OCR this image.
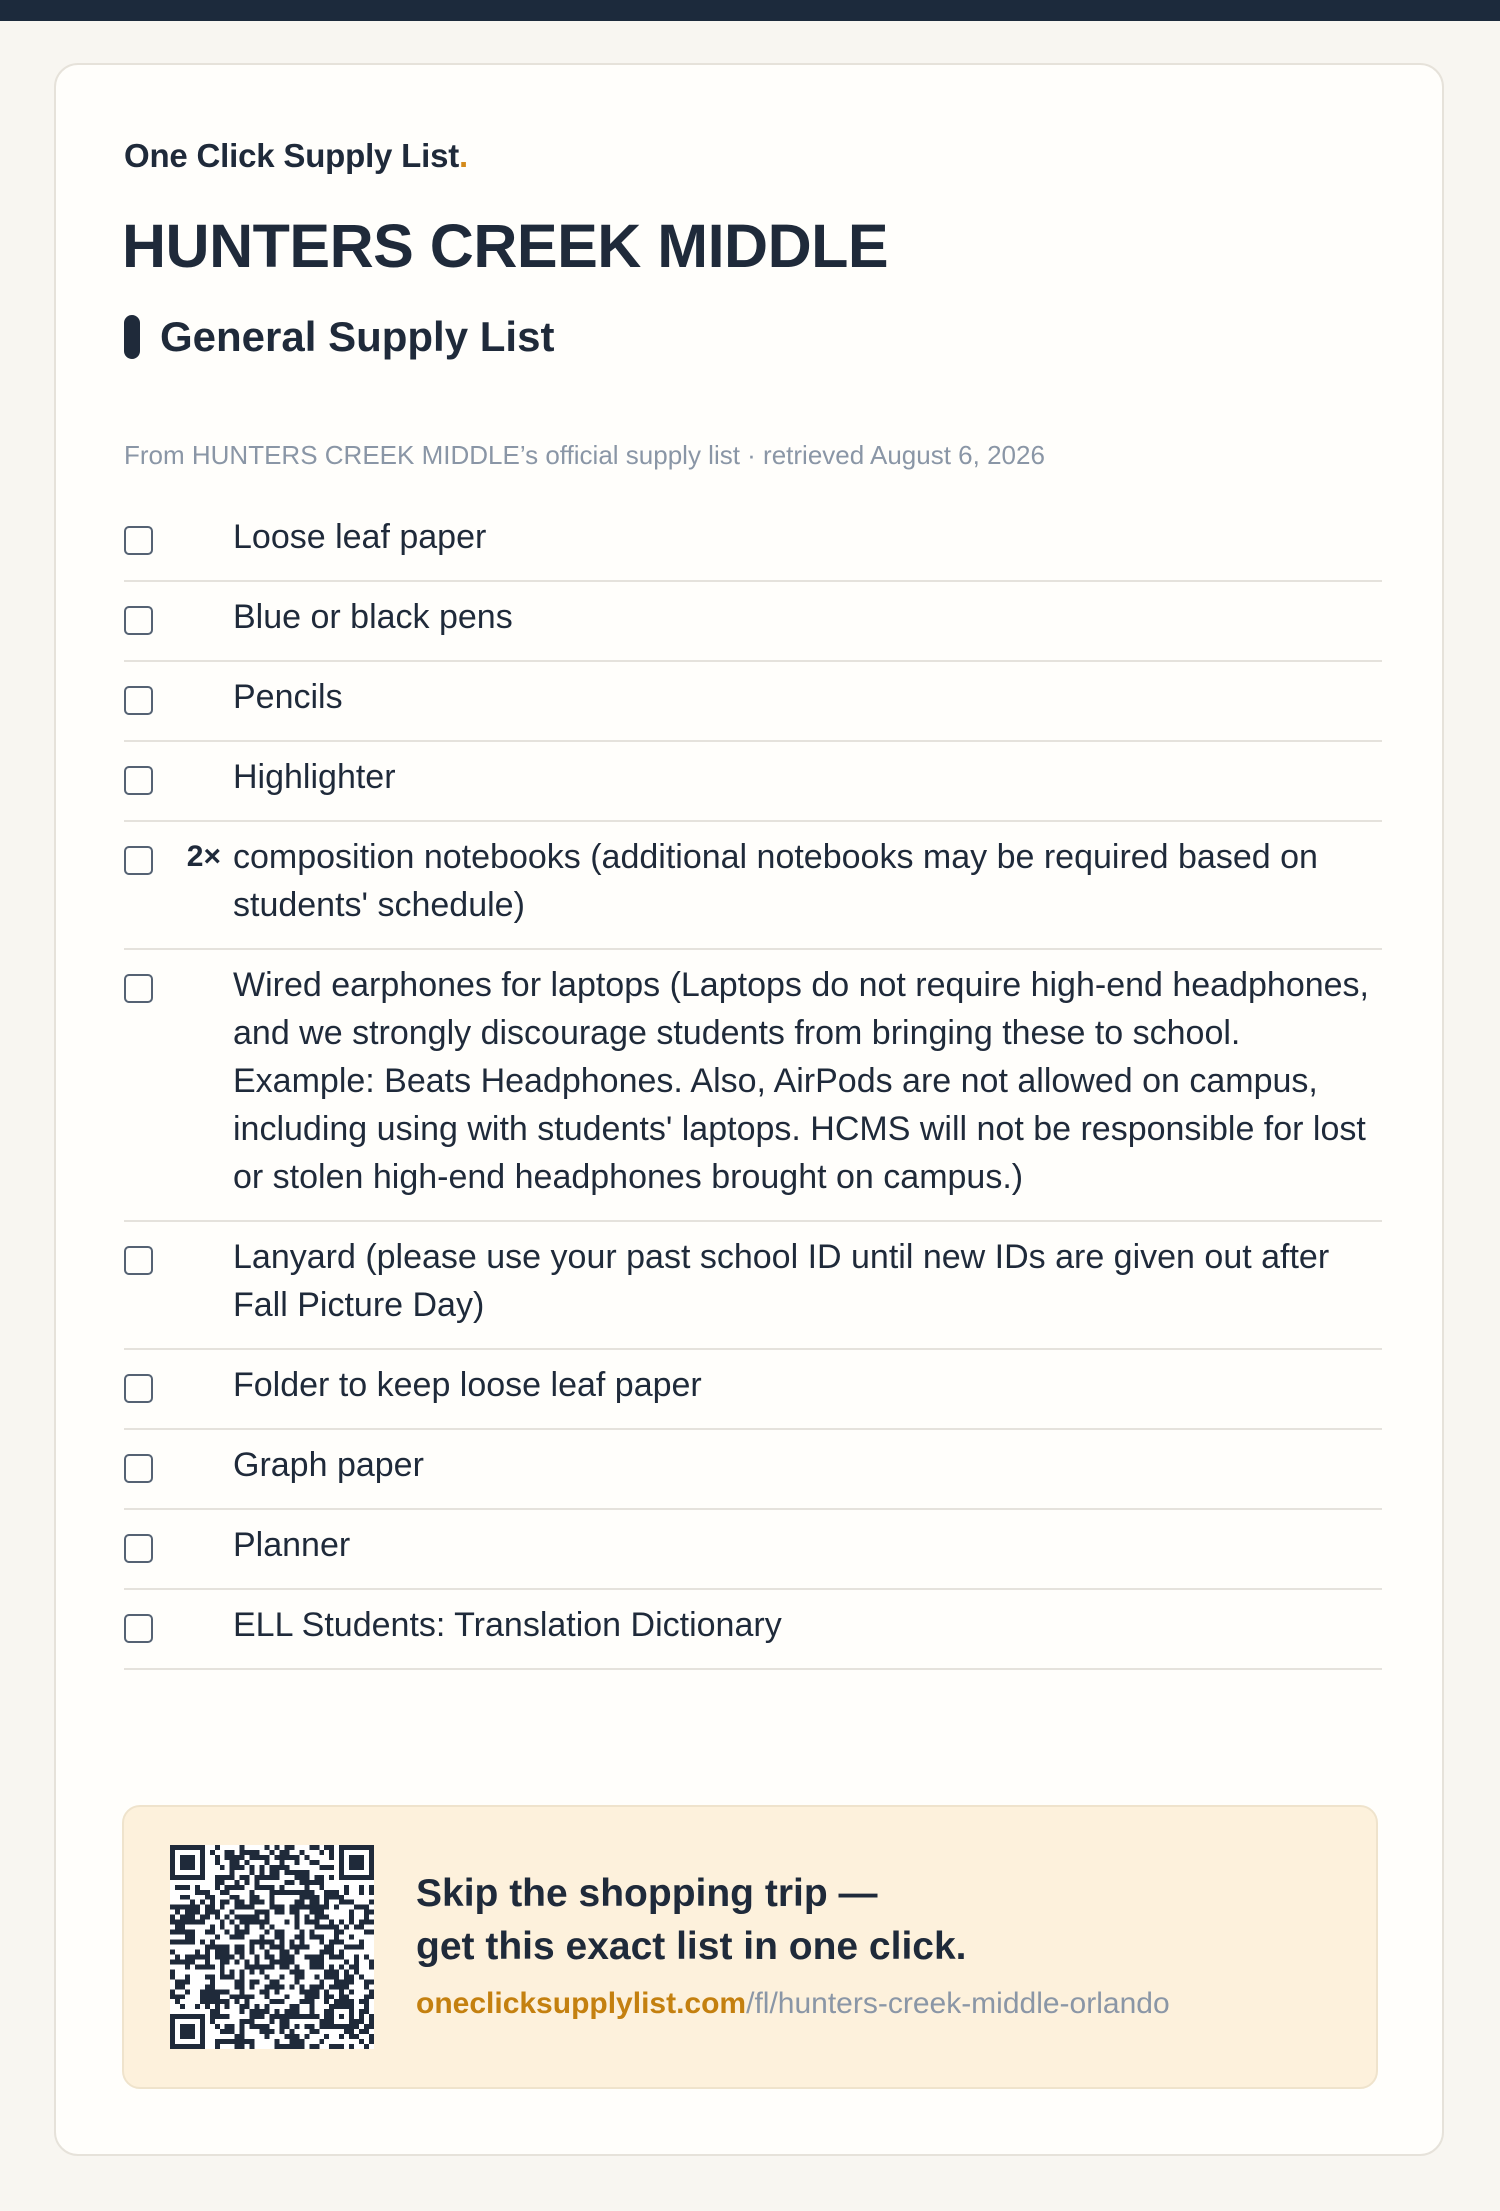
One Click Supply List.
HUNTERS CREEK MIDDLE
General Supply List
From HUNTERS CREEK MIDDLE’s official supply list · retrieved August 6, 2026
Loose leaf paper
Blue or black pens
Pencils
Highlighter
2× composition notebooks (additional notebooks may be required based on students' schedule)
Wired earphones for laptops (Laptops do not require high-end headphones, and we strongly discourage students from bringing these to school. Example: Beats Headphones. Also, AirPods are not allowed on campus, including using with students' laptops. HCMS will not be responsible for lost or stolen high-end headphones brought on campus.)
Lanyard (please use your past school ID until new IDs are given out after Fall Picture Day)
Folder to keep loose leaf paper
Graph paper
Planner
ELL Students: Translation Dictionary
Skip the shopping trip —
get this exact list in one click.
oneclicksupplylist.com/fl/hunters-creek-middle-orlando
